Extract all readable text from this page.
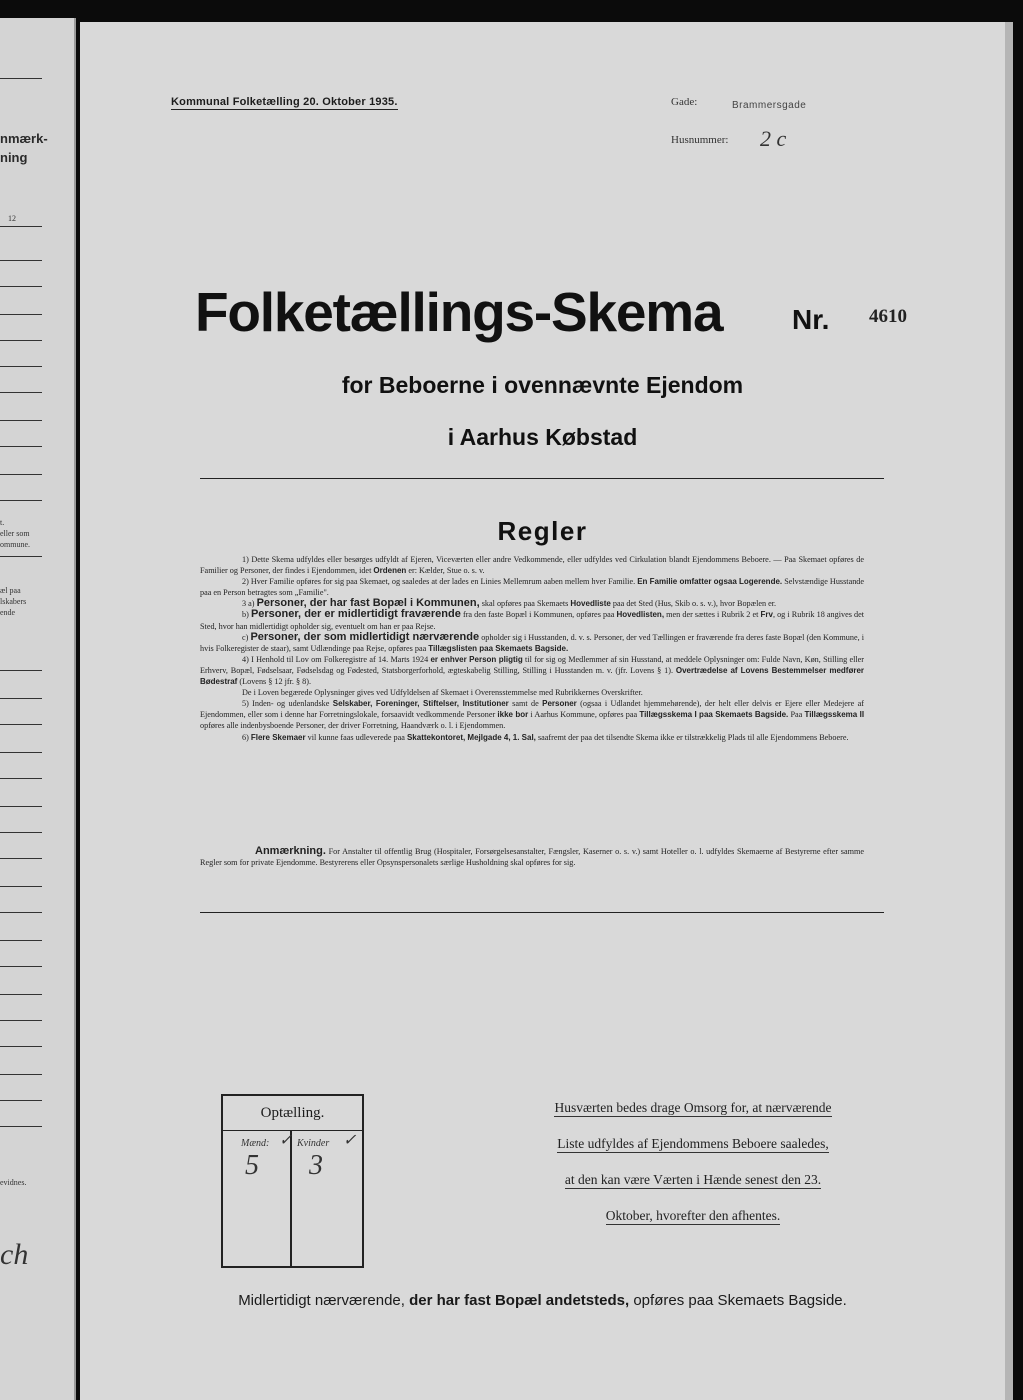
nmærk-
ning
12
t.
eller som
ommune.
æl paa
lskabers
ende
evidnes.
ch
Kommunal Folketælling 20. Oktober 1935.	Gade:	Brammersgade
Husnummer: 2 c
Folketællings-Skema Nr. 4610
for Beboerne i ovennævnte Ejendom
i Aarhus Købstad
Regler

1) Dette Skema udfyldes eller besørges udfyldt af Ejeren, Viceværten eller andre Vedkommende, eller udfyldes ved Cirkulation blandt Ejendommens Beboere. — Paa Skemaet opføres de Familier og Personer, der findes i Ejendommen, idet Ordenen er: Kælder, Stue o. s. v.

2) Hver Familie opføres for sig paa Skemaet, og saaledes at der lades en Linies Mellemrum aaben mellem hver Familie. En Familie omfatter ogsaa Logerende. Selvstændige Husstande paa en Person betragtes som „Familie".

3 a) Personer, der har fast Bopæl i Kommunen, skal opføres paa Skemaets Hovedliste paa det Sted (Hus, Skib o. s. v.), hvor Bopælen er.

b) Personer, der er midlertidigt fraværende fra den faste Bopæl i Kommunen, opføres paa Hovedlisten, men der sættes i Rubrik 2 et Frv, og i Rubrik 18 angives det Sted, hvor han midlertidigt opholder sig, eventuelt om han er paa Rejse.

c) Personer, der som midlertidigt nærværende opholder sig i Husstanden, d. v. s. Personer, der ved Tællingen er fraværende fra deres faste Bopæl (den Kommune, i hvis Folkeregister de staar), samt Udlændinge paa Rejse, opføres paa Tillægslisten paa Skemaets Bagside.

4) I Henhold til Lov om Folkeregistre af 14. Marts 1924 er enhver Person pligtig til for sig og Medlemmer af sin Husstand, at meddele Oplysninger om: Fulde Navn, Køn, Stilling eller Erhverv, Bopæl, Fødselsaar, Fødselsdag og Fødested, Statsborgerforhold, ægteskabelig Stilling, Stilling i Husstanden m. v. (jfr. Lovens § 1). Overtrædelse af Lovens Bestemmelser medfører Bødestraf (Lovens § 12 jfr. § 8).

De i Loven begærede Oplysninger gives ved Udfyldelsen af Skemaet i Overensstemmelse med Rubrikkernes Overskrifter.

5) Inden- og udenlandske Selskaber, Foreninger, Stiftelser, Institutioner samt de Personer (ogsaa i Udlandet hjemmehørende), der helt eller delvis er Ejere eller Medejere af Ejendommen, eller som i denne har Forretningslokale, forsaavidt vedkommende Personer ikke bor i Aarhus Kommune, opføres paa Tillægsskema I paa Skemaets Bagside. Paa Tillægsskema II opføres alle indenbysboende Personer, der driver Forretning, Haandværk o. l. i Ejendommen.

6) Flere Skemaer vil kunne faas udleverede paa Skattekontoret, Mejlgade 4, 1. Sal, saafremt der paa det tilsendte Skema ikke er tilstrækkelig Plads til alle Ejendommens Beboere.

Anmærkning. For Anstalter til offentlig Brug (Hospitaler, Forsørgelsesanstalter, Fængsler, Kaserner o. s. v.) samt Hoteller o. l. udfyldes Skemaerne af Bestyrerne efter samme Regler som for private Ejendomme. Bestyrerens eller Opsynspersonalets særlige Husholdning skal opføres for sig.
Optælling.
Mænd: ✓
5
Kvinder ✓
3
Husværten bedes drage Omsorg for, at nærværende
Liste udfyldes af Ejendommens Beboere saaledes,
at den kan være Værten i Hænde senest den 23.
Oktober, hvorefter den afhentes.
Midlertidigt nærværende, der har fast Bopæl andetsteds, opføres paa Skemaets Bagside.
